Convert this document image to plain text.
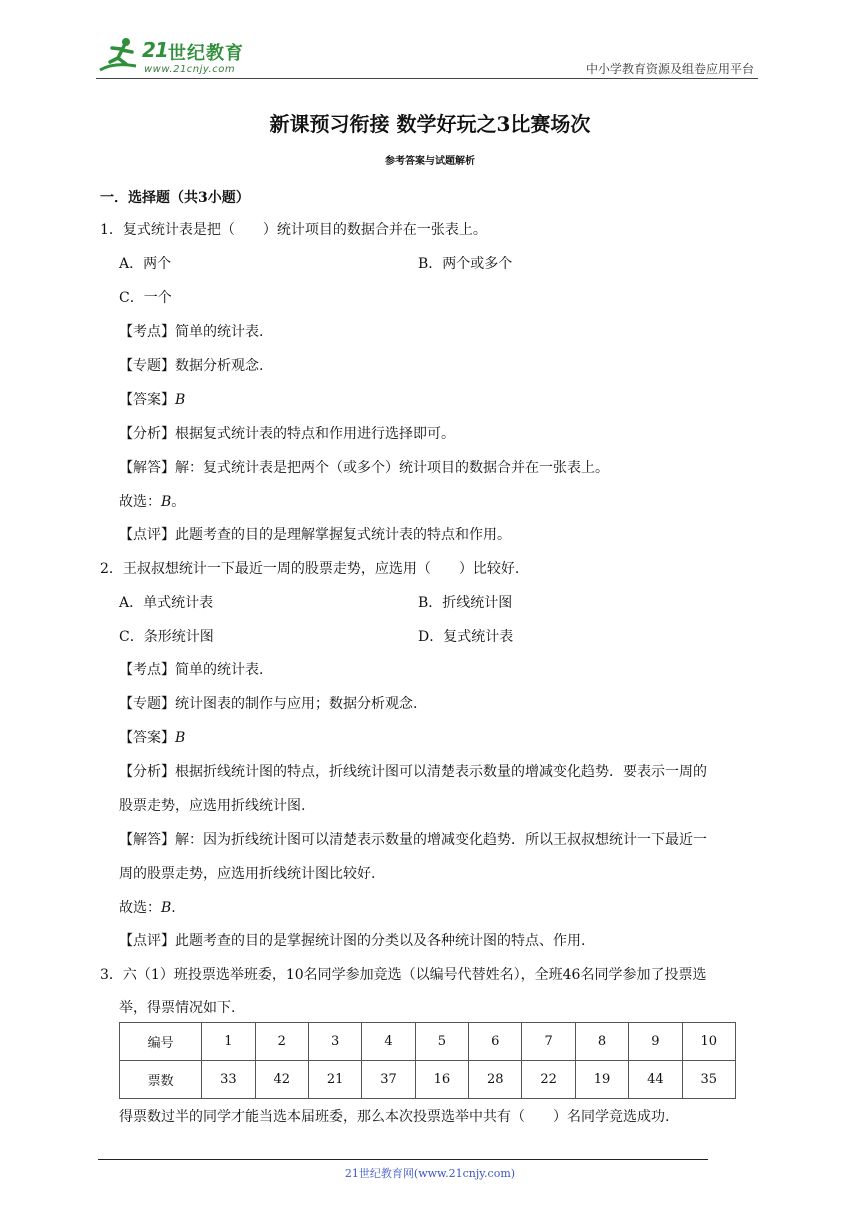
21 世纪教育
www.21cnjy.com	中小学教育资源及组卷应用平台
新课预习衔接 数学好玩之3比赛场次
参考答案与试题解析
一．选择题（共3小题）
1．复式统计表是把（　　）统计项目的数据合并在一张表上。
A．两个	B．两个或多个
C．一个
【考点】简单的统计表.
【专题】数据分析观念.
【答案】B
【分析】根据复式统计表的特点和作用进行选择即可。
【解答】解：复式统计表是把两个（或多个）统计项目的数据合并在一张表上。
故选：B。
【点评】此题考查的目的是理解掌握复式统计表的特点和作用。
2．王叔叔想统计一下最近一周的股票走势，应选用（　　）比较好.
A．单式统计表	B．折线统计图
C．条形统计图	D．复式统计表
【考点】简单的统计表.
【专题】统计图表的制作与应用；数据分析观念.
【答案】B
【分析】根据折线统计图的特点，折线统计图可以清楚表示数量的增减变化趋势．要表示一周的
股票走势，应选用折线统计图.
【解答】解：因为折线统计图可以清楚表示数量的增减变化趋势．所以王叔叔想统计一下最近一
周的股票走势，应选用折线统计图比较好.
故选：B.
【点评】此题考查的目的是掌握统计图的分类以及各种统计图的特点、作用.
3．六（1）班投票选举班委，10名同学参加竞选（以编号代替姓名），全班46名同学参加了投票选
举，得票情况如下.
编号	1	2	3	4	5	6	7	8	9	10
票数	33	42	21	37	16	28	22	19	44	35
得票数过半的同学才能当选本届班委，那么本次投票选举中共有（　　）名同学竞选成功.
21世纪教育网(www.21cnjy.com)
